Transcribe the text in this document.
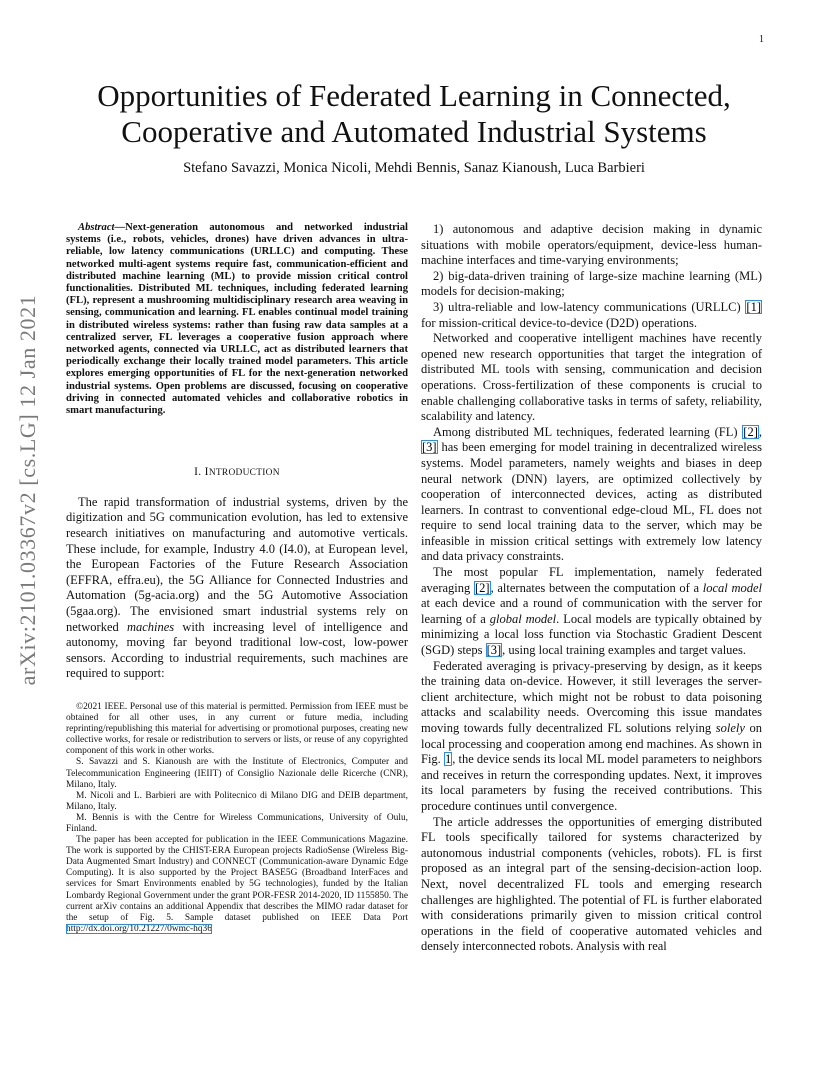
1
arXiv:2101.03367v2 [cs.LG] 12 Jan 2021
Opportunities of Federated Learning in Connected,
Cooperative and Automated Industrial Systems
Stefano Savazzi, Monica Nicoli, Mehdi Bennis, Sanaz Kianoush, Luca Barbieri

Abstract—Next-generation autonomous and networked industrial systems (i.e., robots, vehicles, drones) have driven advances in ultra-reliable, low latency communications (URLLC) and computing. These networked multi-agent systems require fast, communication-efficient and distributed machine learning (ML) to provide mission critical control functionalities. Distributed ML techniques, including federated learning (FL), represent a mushrooming multidisciplinary research area weaving in sensing, communication and learning. FL enables continual model training in distributed wireless systems: rather than fusing raw data samples at a centralized server, FL leverages a cooperative fusion approach where networked agents, connected via URLLC, act as distributed learners that periodically exchange their locally trained model parameters. This article explores emerging opportunities of FL for the next-generation networked industrial systems. Open problems are discussed, focusing on cooperative driving in connected automated vehicles and collaborative robotics in smart manufacturing.

I. INTRODUCTION

The rapid transformation of industrial systems, driven by the digitization and 5G communication evolution, has led to extensive research initiatives on manufacturing and automotive verticals. These include, for example, Industry 4.0 (I4.0), at European level, the European Factories of the Future Research Association (EFFRA, effra.eu), the 5G Alliance for Connected Industries and Automation (5g-acia.org) and the 5G Automotive Association (5gaa.org). The envisioned smart industrial systems rely on networked machines with increasing level of intelligence and autonomy, moving far beyond traditional low-cost, low-power sensors. According to industrial requirements, such machines are required to support:

©2021 IEEE. Personal use of this material is permitted. Permission from IEEE must be obtained for all other uses, in any current or future media, including reprinting/republishing this material for advertising or promotional purposes, creating new collective works, for resale or redistribution to servers or lists, or reuse of any copyrighted component of this work in other works.

S. Savazzi and S. Kianoush are with the Institute of Electronics, Computer and Telecommunication Engineering (IEIIT) of Consiglio Nazionale delle Ricerche (CNR), Milano, Italy.

M. Nicoli and L. Barbieri are with Politecnico di Milano DIG and DEIB department, Milano, Italy.

M. Bennis is with the Centre for Wireless Communications, University of Oulu, Finland.

The paper has been accepted for publication in the IEEE Communications Magazine. The work is supported by the CHIST-ERA European projects RadioSense (Wireless Big-Data Augmented Smart Industry) and CONNECT (Communication-aware Dynamic Edge Computing). It is also supported by the Project BASE5G (Broadband InterFaces and services for Smart Environments enabled by 5G technologies), funded by the Italian Lombardy Regional Government under the grant POR-FESR 2014-2020, ID 1155850. The current arXiv contains an additional Appendix that describes the MIMO radar dataset for the setup of Fig. 5. Sample dataset published on IEEE Data Port http://dx.doi.org/10.21227/0wmc-hq36

1) autonomous and adaptive decision making in dynamic situations with mobile operators/equipment, device-less human-machine interfaces and time-varying environments;

2) big-data-driven training of large-size machine learning (ML) models for decision-making;

3) ultra-reliable and low-latency communications (URLLC) [1] for mission-critical device-to-device (D2D) operations.

Networked and cooperative intelligent machines have recently opened new research opportunities that target the integration of distributed ML tools with sensing, communication and decision operations. Cross-fertilization of these components is crucial to enable challenging collaborative tasks in terms of safety, reliability, scalability and latency.

Among distributed ML techniques, federated learning (FL) [2], [3] has been emerging for model training in decentralized wireless systems. Model parameters, namely weights and biases in deep neural network (DNN) layers, are optimized collectively by cooperation of interconnected devices, acting as distributed learners. In contrast to conventional edge-cloud ML, FL does not require to send local training data to the server, which may be infeasible in mission critical settings with extremely low latency and data privacy constraints.

The most popular FL implementation, namely federated averaging [2], alternates between the computation of a local model at each device and a round of communication with the server for learning of a global model. Local models are typically obtained by minimizing a local loss function via Stochastic Gradient Descent (SGD) steps [3], using local training examples and target values.

Federated averaging is privacy-preserving by design, as it keeps the training data on-device. However, it still leverages the server-client architecture, which might not be robust to data poisoning attacks and scalability needs. Overcoming this issue mandates moving towards fully decentralized FL solutions relying solely on local processing and cooperation among end machines. As shown in Fig. 1, the device sends its local ML model parameters to neighbors and receives in return the corresponding updates. Next, it improves its local parameters by fusing the received contributions. This procedure continues until convergence.

The article addresses the opportunities of emerging distributed FL tools specifically tailored for systems characterized by autonomous industrial components (vehicles, robots). FL is first proposed as an integral part of the sensing-decision-action loop. Next, novel decentralized FL tools and emerging research challenges are highlighted. The potential of FL is further elaborated with considerations primarily given to mission critical control operations in the field of cooperative automated vehicles and densely interconnected robots. Analysis with real
